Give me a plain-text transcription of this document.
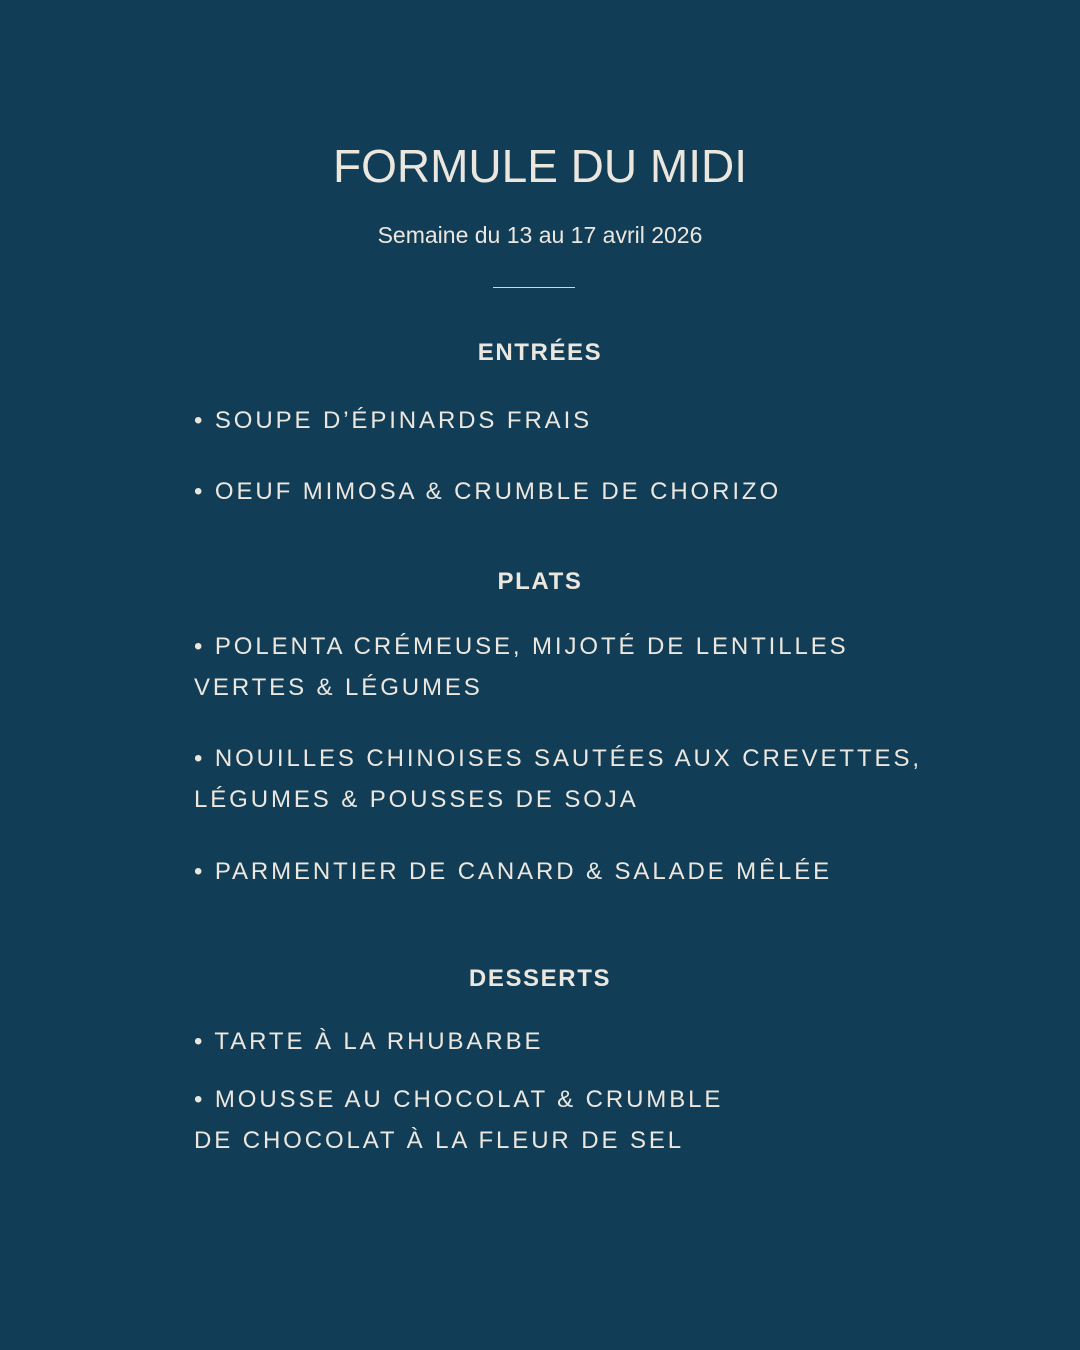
FORMULE DU MIDI
Semaine du 13 au 17 avril 2026
ENTRÉES
• SOUPE D’ÉPINARDS FRAIS
• OEUF MIMOSA & CRUMBLE DE CHORIZO
PLATS
• POLENTA CRÉMEUSE, MIJOTÉ DE LENTILLES
VERTES & LÉGUMES
• NOUILLES CHINOISES SAUTÉES AUX CREVETTES,
LÉGUMES & POUSSES DE SOJA
• PARMENTIER DE CANARD & SALADE MÊLÉE
DESSERTS
• TARTE À LA RHUBARBE
• MOUSSE AU CHOCOLAT & CRUMBLE
DE CHOCOLAT À LA FLEUR DE SEL
